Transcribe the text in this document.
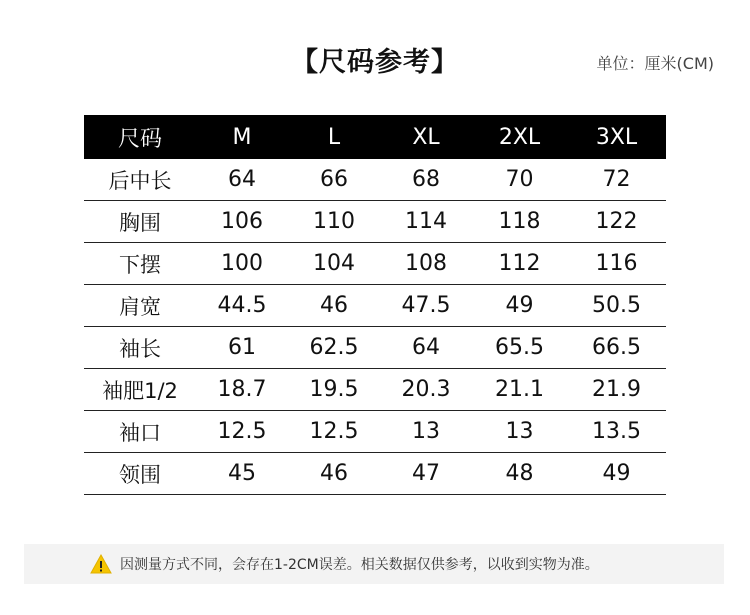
【尺码参考】	单位：厘米(CM)
尺码	M	L	XL	2XL	3XL
后中长	64	66	68	70	72
胸围	106	110	114	118	122
下摆	100	104	108	112	116
肩宽	44.5	46	47.5	49	50.5
袖长	61	62.5	64	65.5	66.5
袖肥1/2	18.7	19.5	20.3	21.1	21.9
袖口	12.5	12.5	13	13	13.5
领围	45	46	47	48	49
因测量方式不同，会存在1-2CM误差。相关数据仅供参考，以收到实物为准。
